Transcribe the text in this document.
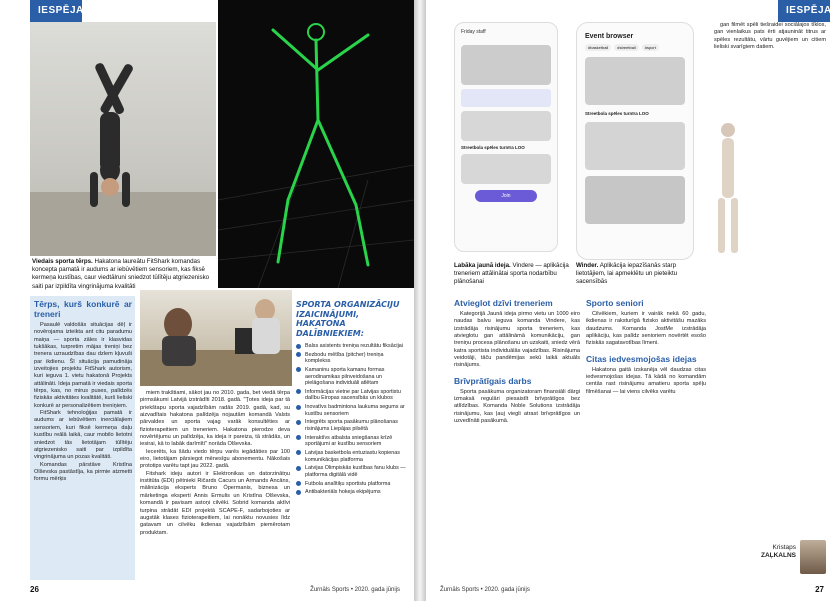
IESPĒJA
Viedais sporta tērps. Hakatona laureātu FitShark komandas koncepta pamatā ir audums ar iebūvētiem sensoriem, kas fiksē kermeņa kustības, caur viedtālruni sniedzot tūlītēju atgriezenisko saiti par izpildīta vingrinājuma kvalitāti
Tērps, kurš konkurē ar treneri

Pasaulē valdošās situācijas dēļ ir novērojama izteikta ant citu paradumu maiņa — sporta zāles ir klasvidas tukšākas, turpretim mājas treniņi bez trenera uzraudzības dau dzlem kļuvuši par ikdienu. Šī situācija pamudināja izveitojies projektu FitShark autorism, kuri ieguva 1. vietu hakatonā Projekts attālināti. Ideja pamatā ir viedais sporta tērps, kas, no mirus puses, palīdzēs fiziskās aktivitātes kvalitātē, kurš lieliski konkurē ar personalizētiem treniņiem.

FitShark tehnoloģijas pamatā ir audums ar iebūvētiem inerciālajiem sensoriem, kuri fiksē kermeņa daļu kustību reālā laikā, caur mobilo lietotni sniedzot tās lietotājam tūlītēju atgriezenisko saiti par izpildīta vingrinājuma un pozas kvalitāti.

Komandas pārstāve Kristīna Olševska pastāstīja, ka pirmie atzmetti formu mērķis

miem trakštiami, sākot jau no 2010. gada, bet viedā tērpa pirmsākumi Latvijā izstrādīti 2018. gadā. "Ţotes ideja par tā priekštapu sporta vajadzībām radās 2019. gadā, kad, su aizvadītais hakatona palīdzēja nojautām komandā Valsts pārvaldes un sporta vajag varāk konsultēties ar fizioterapeitiem un treneriem. Hakatona pierodze deva novērtējumu un palīdzēja, ka ideja ir pareiza, tā strādās, un iesirai, kā to labāk darīmīti" norāda Olševska.

Iecerēts, ka šādu viedo tērpu varēs iegādāties par 100 eiro, lietotājam pārsiegot mēnesīgu abonementu. Nākošais prototips varētu tapt jau 2022. gadā.

Fitshark ideju autori ir Elektronikas un datorzinātņu institūta (EDI) pētnieki Ričards Cacurs un Armands Ancāns, mālinizācija eksperts Bruno Ōpermanis, biznesa un mārketinga eksperti Annis Ermulis un Kristīna Olševska, komandā ir pavisam astoņi cilvēki. Sobrid komanda aktīvi turpina strādāt EDI projektā SCAPE-F, sadarbojoties ar augstāk klases fizioterapeitiem, lai nonāktu novusies līdz gatavam un cilvēku ikdienas vajadzībām piemērotam produktam.

SPORTA ORGANIZĀCIJU IZAICINĀJUMI, HAKATONA DALĪBNIEKIEM:
Balss asistents treniņa rezultātu fiksācijai
Bezbodu mētība (pitcher) treniņa komplekss
Kamaninu sporta kamanu formas aerodinamikas pilnveidošana un pielāgošana individuāli atlētam
Informācijas vietne par Latvijas sportistu dalību Eiropas sacensībās un klubos
Inovatīvs badmintona laukuma segums ar kustību sensoriem
Integrēts sporta pasākumu plānošanas risinājums Liepājas pilsētā
Interaktīvs atbalsta sniegšanas krīzē sportājumi ar kustību sensoriem
Latvijas basketbola entuziastu kopienas komunikācijas platforma
Latvijas Olimpiskās kustības fanu klubs — platforma digitālā vidē
Futbola analītiķu sportistu platforma
Antibakteriāls hokeja ekipējums
26	Žurnāls Sports • 2020. gada jūnijs
IESPĒJA
Friday staff
Streetbola spēles turnīra LOO
Join
Event browser
#basketball	#streetball	#sport
Streetbola spēles turnīra LOO
Labāka jaunā ideja. Vindere — aplikācija treneriem attālinātai sporta nodarbību plānošanai
Winder. Aplikācija iepazīšanās starp lietotājiem, lai apmeklētu un pieteiktu sacensībās
Atvieglot dzīvi treneriem

Kategorijā Jaunā ideja pirmo vietu un 1000 eiro naudas balvu ieguva komanda Vindere, kas izstrādāja risinājumu sporta treneriem, kas atvieglotu gan attālināmā komunikāciju, gan treniņu procesa plānošanu un uzskaiti, sniedz vērā katra sportista individuālās vajadzības. Risinājuma veidotāji, tāču pandēmijas sekū laikā aktuāls risinājums.

Brīvprātīgais darbs

Sporta pasākuma organizatoram finansiāli dārgi izmaksā regulāri piesaistīt brīvprātīgos bez atlīdzības. Komanda Noble Solutions izstrādāja risinājumu, kas ļauj viegli atrast brīvprātīgos un uzvedīnāti pasākumā.

Sporto seniori

Cilvēkiem, kuriem ir vairāk nekā 60 gadu, ikdienas ir raksturīgā fizisko aktivitāšu mazāks daudzums. Komanda JostMe izstrādāja aplikāciju, kas palīdz senioriem novērtēt esošo fiziskās sagatavotības līmeni.

Citas iedvesmojošas idejas

Hakatona gaitā izskanēja vēl daudzas citas iedvesmojošas idejas. Tā kādā no komandām centās rast risinājumu amatieru sporta spēļu filmēšanai — lai viens cilvēks varētu

gan filmēt spēli tiešraidei sociālajos tīklos, gan vienlaikus pats ērti atjaunināt titrus ar spēles rezultātu, vārtu guvējiem un citiem lieliski svarīgiem datiem.

Kristaps
ZAĻKALNS
Žurnāls Sports • 2020. gada jūnijs	27
